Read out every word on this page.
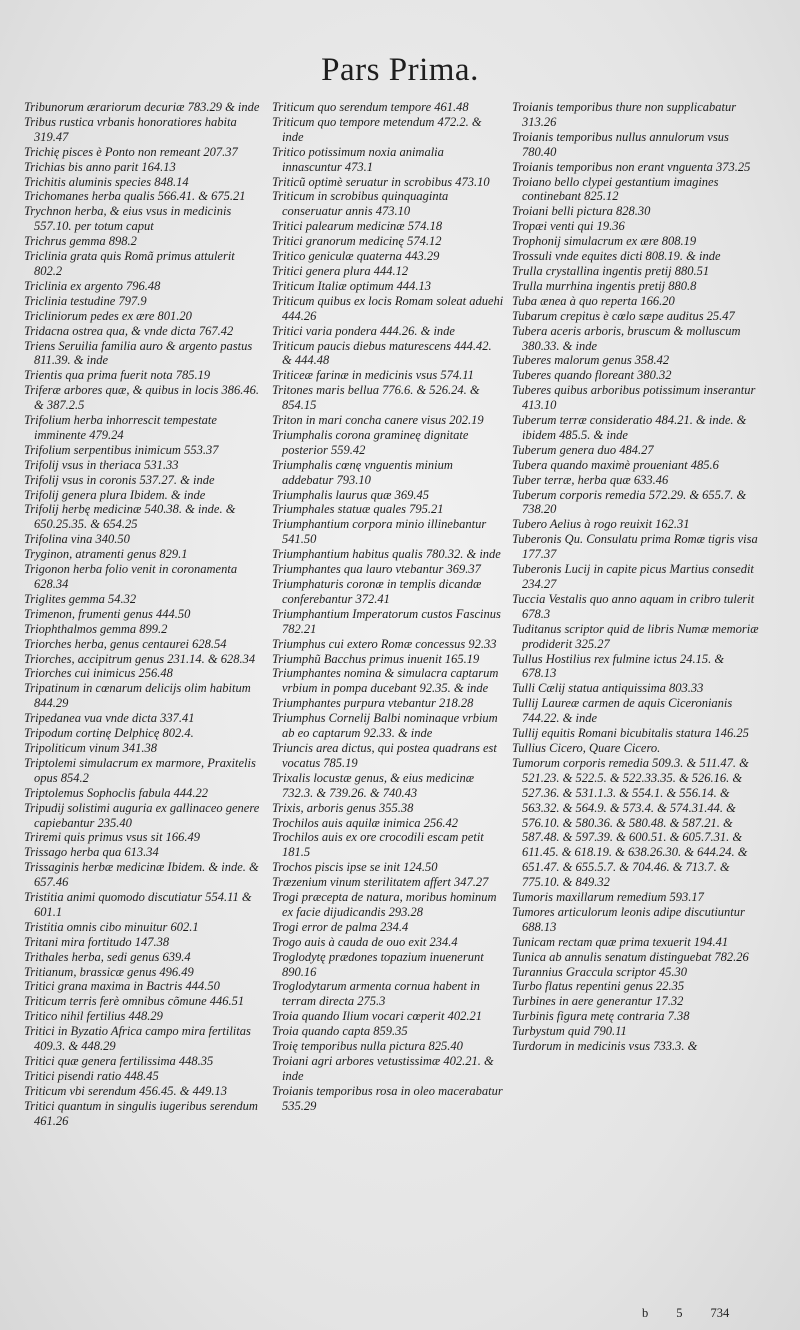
Pars Prima.

Tribunorum ærariorum decuriæ 783.29 & inde

Tribus rustica vrbanis honoratiores habita 319.47

Trichię pisces è Ponto non remeant 207.37

Trichias bis anno parit 164.13

Trichitis aluminis species 848.14

Trichomanes herba qualis 566.41. & 675.21

Trychnon herba, & eius vsus in medicinis 557.10. per totum caput

Trichrus gemma 898.2

Triclinia grata quis Romã primus attulerit 802.2

Triclinia ex argento 796.48

Triclinia testudine 797.9

Tricliniorum pedes ex ære 801.20

Tridacna ostrea qua, & vnde dicta 767.42

Triens Seruilia familia auro & argento pastus 811.39. & inde

Trientis qua prima fuerit nota 785.19

Triferæ arbores quæ, & quibus in locis 386.46. & 387.2.5

Trifolium herba inhorrescit tempestate imminente 479.24

Trifolium serpentibus inimicum 553.37

Trifolij vsus in theriaca 531.33

Trifolij vsus in coronis 537.27. & inde

Trifolij genera plura Ibidem. & inde

Trifolij herbę medicinæ 540.38. & inde. & 650.25.35. & 654.25

Trifolina vina 340.50

Tryginon, atramenti genus 829.1

Trigonon herba folio venit in coronamenta 628.34

Triglites gemma 54.32

Trimenon, frumenti genus 444.50

Triophthalmos gemma 899.2

Triorches herba, genus centaurei 628.54

Triorches, accipitrum genus 231.14. & 628.34

Triorches cui inimicus 256.48

Tripatinum in cœnarum delicijs olim habitum 844.29

Tripedanea vua vnde dicta 337.41

Tripodum cortinę Delphicę 802.4.

Tripoliticum vinum 341.38

Triptolemi simulacrum ex marmore, Praxitelis opus 854.2

Triptolemus Sophoclis fabula 444.22

Tripudij solistimi auguria ex gallinaceo genere capiebantur 235.40

Triremi quis primus vsus sit 166.49

Trissago herba qua 613.34

Trissaginis herbæ medicinæ Ibidem. & inde. & 657.46

Tristitia animi quomodo discutiatur 554.11 & 601.1

Tristitia omnis cibo minuitur 602.1

Tritani mira fortitudo 147.38

Trithales herba, sedi genus 639.4

Tritianum, brassicæ genus 496.49

Tritici grana maxima in Bactris 444.50

Triticum terris ferè omnibus cõmune 446.51

Tritico nihil fertilius 448.29

Tritici in Byzatio Africa campo mira fertilitas 409.3. & 448.29

Tritici quæ genera fertilissima 448.35

Tritici pisendi ratio 448.45

Triticum vbi serendum 456.45. & 449.13

Tritici quantum in singulis iugeribus serendum 461.26

Triticum quo serendum tempore 461.48

Triticum quo tempore metendum 472.2. & inde

Tritico potissimum noxia animalia innascuntur 473.1

Triticũ optimè seruatur in scrobibus 473.10

Triticum in scrobibus quinquaginta conseruatur annis 473.10

Tritici palearum medicinæ 574.18

Tritici granorum medicinę 574.12

Tritico geniculæ quaterna 443.29

Tritici genera plura 444.12

Triticum Italiæ optimum 444.13

Triticum quibus ex locis Romam soleat aduehi 444.26

Tritici varia pondera 444.26. & inde

Triticum paucis diebus maturescens 444.42. & 444.48

Triticeæ farinæ in medicinis vsus 574.11

Tritones maris bellua 776.6. & 526.24. & 854.15

Triton in mari concha canere visus 202.19

Triumphalis corona gramineę dignitate posterior 559.42

Triumphalis cœnę vnguentis minium addebatur 793.10

Triumphalis laurus quæ 369.45

Triumphales statuæ quales 795.21

Triumphantium corpora minio illinebantur 541.50

Triumphantium habitus qualis 780.32. & inde

Triumphantes qua lauro vtebantur 369.37

Triumphaturis coronæ in templis dicandæ conferebantur 372.41

Triumphantium Imperatorum custos Fascinus 782.21

Triumphus cui extero Romæ concessus 92.33

Triumphũ Bacchus primus inuenit 165.19

Triumphantes nomina & simulacra captarum vrbium in pompa ducebant 92.35. & inde

Triumphantes purpura vtebantur 218.28

Triumphus Cornelij Balbi nominaque vrbium ab eo captarum 92.33. & inde

Triuncis area dictus, qui postea quadrans est vocatus 785.19

Trixalis locustæ genus, & eius medicinæ 732.3. & 739.26. & 740.43

Trixis, arboris genus 355.38

Trochilos auis aquilæ inimica 256.42

Trochilos auis ex ore crocodili escam petit 181.5

Trochos piscis ipse se init 124.50

Træzenium vinum sterilitatem affert 347.27

Trogi præcepta de natura, moribus hominum ex facie dijudicandis 293.28

Trogi error de palma 234.4

Trogo auis à cauda de ouo exit 234.4

Troglodytę prædones topazium inuenerunt 890.16

Troglodytarum armenta cornua habent in terram directa 275.3

Troia quando Ilium vocari cœperit 402.21

Troia quando capta 859.35

Troię temporibus nulla pictura 825.40

Troiani agri arbores vetustissimæ 402.21. & inde

Troianis temporibus rosa in oleo macerabatur 535.29

Troianis temporibus thure non supplicabatur 313.26

Troianis temporibus nullus annulorum vsus 780.40

Troianis temporibus non erant vnguenta 373.25

Troiano bello clypei gestantium imagines continebant 825.12

Troiani belli pictura 828.30

Tropæi venti qui 19.36

Trophonij simulacrum ex ære 808.19

Trossuli vnde equites dicti 808.19. & inde

Trulla crystallina ingentis pretij 880.51

Trulla murrhina ingentis pretij 880.8

Tuba ænea à quo reperta 166.20

Tubarum crepitus è cœlo sæpe auditus 25.47

Tubera aceris arboris, bruscum & molluscum 380.33. & inde

Tuberes malorum genus 358.42

Tuberes quando floreant 380.32

Tuberes quibus arboribus potissimum inserantur 413.10

Tuberum terræ consideratio 484.21. & inde. & ibidem 485.5. & inde

Tuberum genera duo 484.27

Tubera quando maximè proueniant 485.6

Tuber terræ, herba quæ 633.46

Tuberum corporis remedia 572.29. & 655.7. & 738.20

Tubero Aelius à rogo reuixit 162.31

Tuberonis Qu. Consulatu prima Romæ tigris visa 177.37

Tuberonis Lucij in capite picus Martius consedit 234.27

Tuccia Vestalis quo anno aquam in cribro tulerit 678.3

Tuditanus scriptor quid de libris Numæ memoriæ prodiderit 325.27

Tullus Hostilius rex fulmine ictus 24.15. & 678.13

Tulli Cælij statua antiquissima 803.33

Tullij Laureæ carmen de aquis Ciceronianis 744.22. & inde

Tullij equitis Romani bicubitalis statura 146.25

Tullius Cicero, Quare Cicero.

Tumorum corporis remedia 509.3. & 511.47. & 521.23. & 522.5. & 522.33.35. & 526.16. & 527.36. & 531.1.3. & 554.1. & 556.14. & 563.32. & 564.9. & 573.4. & 574.31.44. & 576.10. & 580.36. & 580.48. & 587.21. & 587.48. & 597.39. & 600.51. & 605.7.31. & 611.45. & 618.19. & 638.26.30. & 644.24. & 651.47. & 655.5.7. & 704.46. & 713.7. & 775.10. & 849.32

Tumoris maxillarum remedium 593.17

Tumores articulorum leonis adipe discutiuntur 688.13

Tunicam rectam quæ prima texuerit 194.41

Tunica ab annulis senatum distinguebat 782.26

Turannius Graccula scriptor 45.30

Turbo flatus repentini genus 22.35

Turbines in aere generantur 17.32

Turbinis figura metę contraria 7.38

Turbystum quid 790.11

Turdorum in medicinis vsus 733.3. &

b 5 734
